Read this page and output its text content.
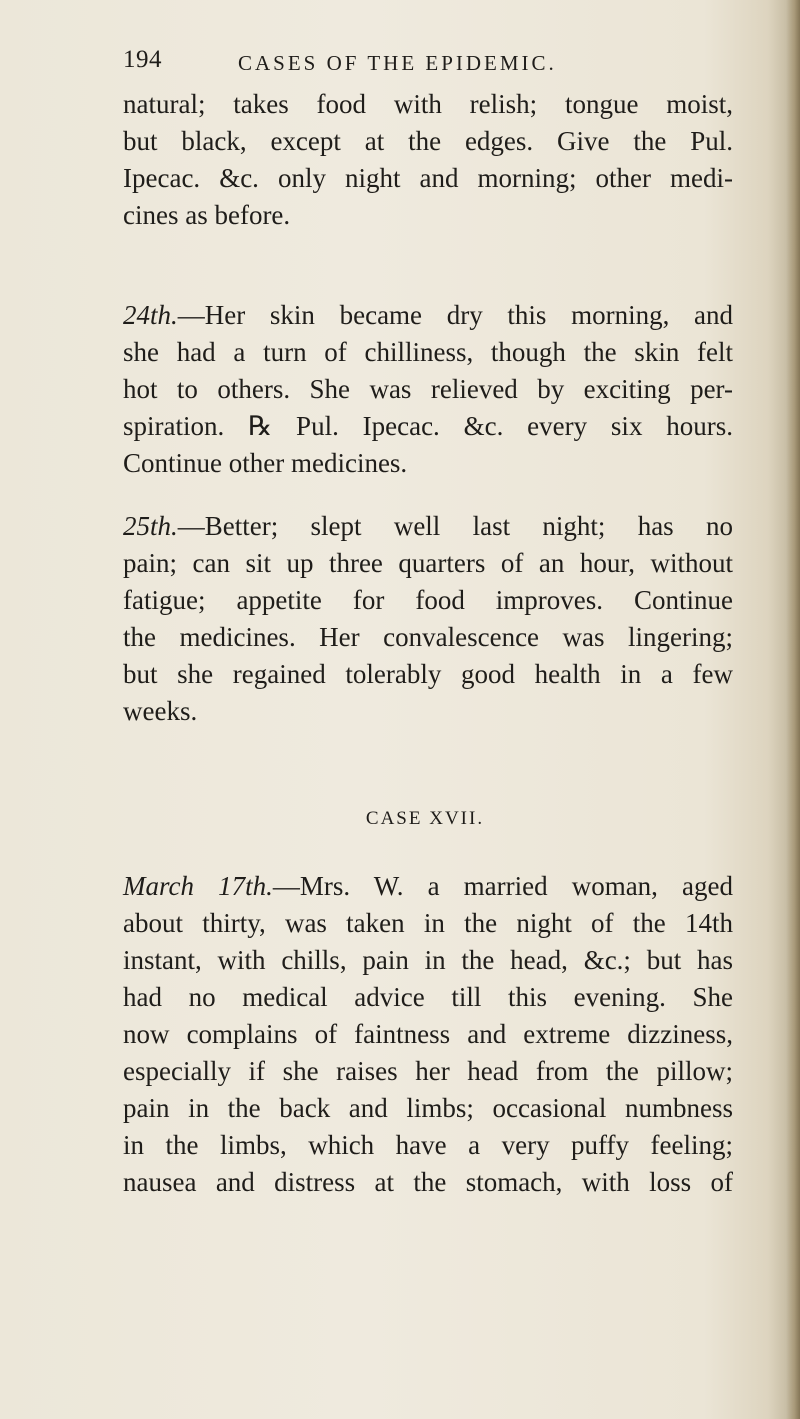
194	CASES OF THE EPIDEMIC.
natural; takes food with relish; tongue moist,
but black, except at the edges. Give the Pul.
Ipecac. &c. only night and morning; other medi-
cines as before.
24th.—Her skin became dry this morning, and
she had a turn of chilliness, though the skin felt
hot to others. She was relieved by exciting per-
spiration. ℞ Pul. Ipecac. &c. every six hours.
Continue other medicines.
25th.—Better; slept well last night; has no
pain; can sit up three quarters of an hour, without
fatigue; appetite for food improves. Continue
the medicines. Her convalescence was lingering;
but she regained tolerably good health in a few
weeks.
CASE XVII.
March 17th.—Mrs. W. a married woman, aged
about thirty, was taken in the night of the 14th
instant, with chills, pain in the head, &c.; but has
had no medical advice till this evening. She
now complains of faintness and extreme dizziness,
especially if she raises her head from the pillow;
pain in the back and limbs; occasional numbness
in the limbs, which have a very puffy feeling;
nausea and distress at the stomach, with loss of
